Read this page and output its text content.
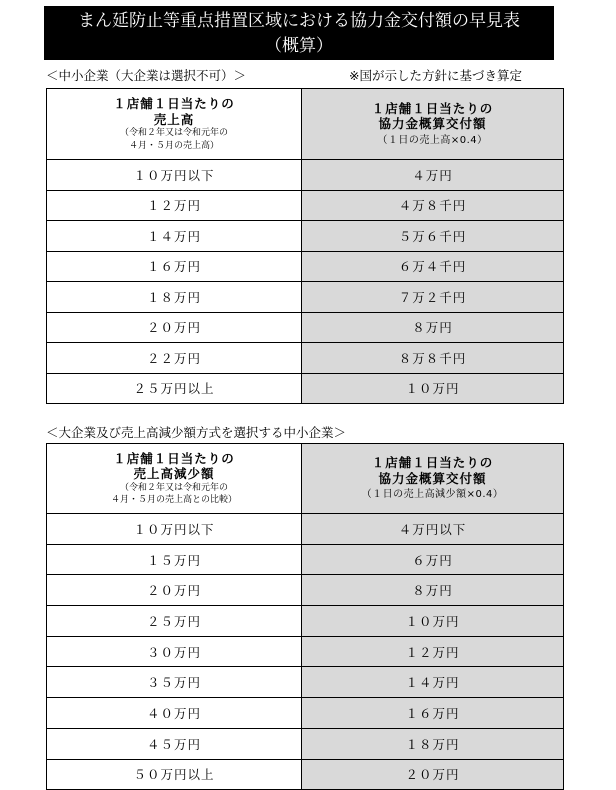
まん延防止等重点措置区域における協力金交付額の早見表
（概算）
＜中小企業（大企業は選択不可）＞	※国が示した方針に基づき算定
１店舗１日当たりの
売上高
（令和２年又は令和元年の
４月・５月の売上高）	１店舗１日当たりの
協力金概算交付額
（１日の売上高×0.4）

１０万円以下	４万円
１２万円	４万８千円
１４万円	５万６千円
１６万円	６万４千円
１８万円	７万２千円
２０万円	８万円
２２万円	８万８千円
２５万円以上	１０万円
＜大企業及び売上高減少額方式を選択する中小企業＞
１店舗１日当たりの
売上高減少額
（令和２年又は令和元年の
４月・５月の売上高との比較）	１店舗１日当たりの
協力金概算交付額
（１日の売上高減少額×0.4）

１０万円以下	４万円以下
１５万円	６万円
２０万円	８万円
２５万円	１０万円
３０万円	１２万円
３５万円	１４万円
４０万円	１６万円
４５万円	１８万円
５０万円以上	２０万円
